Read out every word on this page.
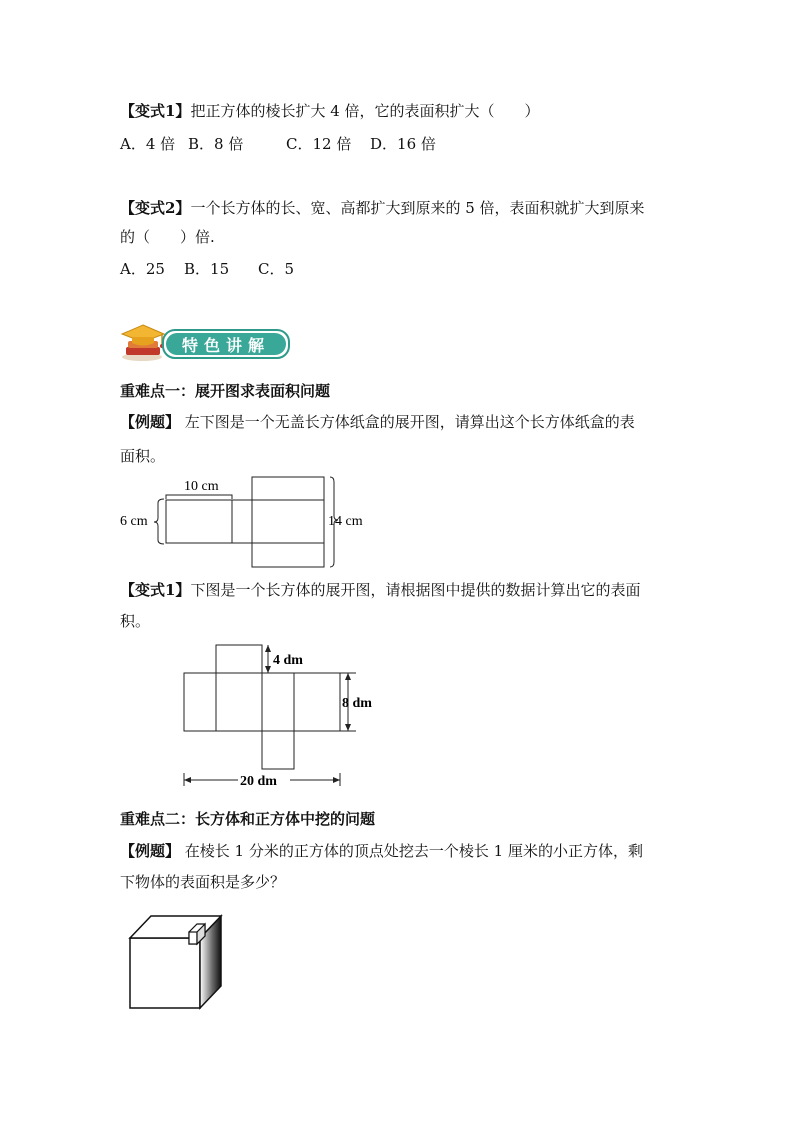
【变式1】把正方体的棱长扩大 4 倍，它的表面积扩大（　　）
A．4 倍 B．8 倍	C．12 倍 D．16 倍
【变式2】一个长方体的长、宽、高都扩大到原来的 5 倍，表面积就扩大到原来
的（　　）倍.
A．25 B．15 C．5
特色讲解
重难点一：展开图求表面积问题
【例题】 左下图是一个无盖长方体纸盒的展开图，请算出这个长方体纸盒的表
面积。
10 cm
6 cm	14 cm
【变式1】下图是一个长方体的展开图，请根据图中提供的数据计算出它的表面
积。
4 dm
8 dm
20 dm
重难点二：长方体和正方体中挖的问题
【例题】 在棱长 1 分米的正方体的顶点处挖去一个棱长 1 厘米的小正方体，剩
下物体的表面积是多少？
